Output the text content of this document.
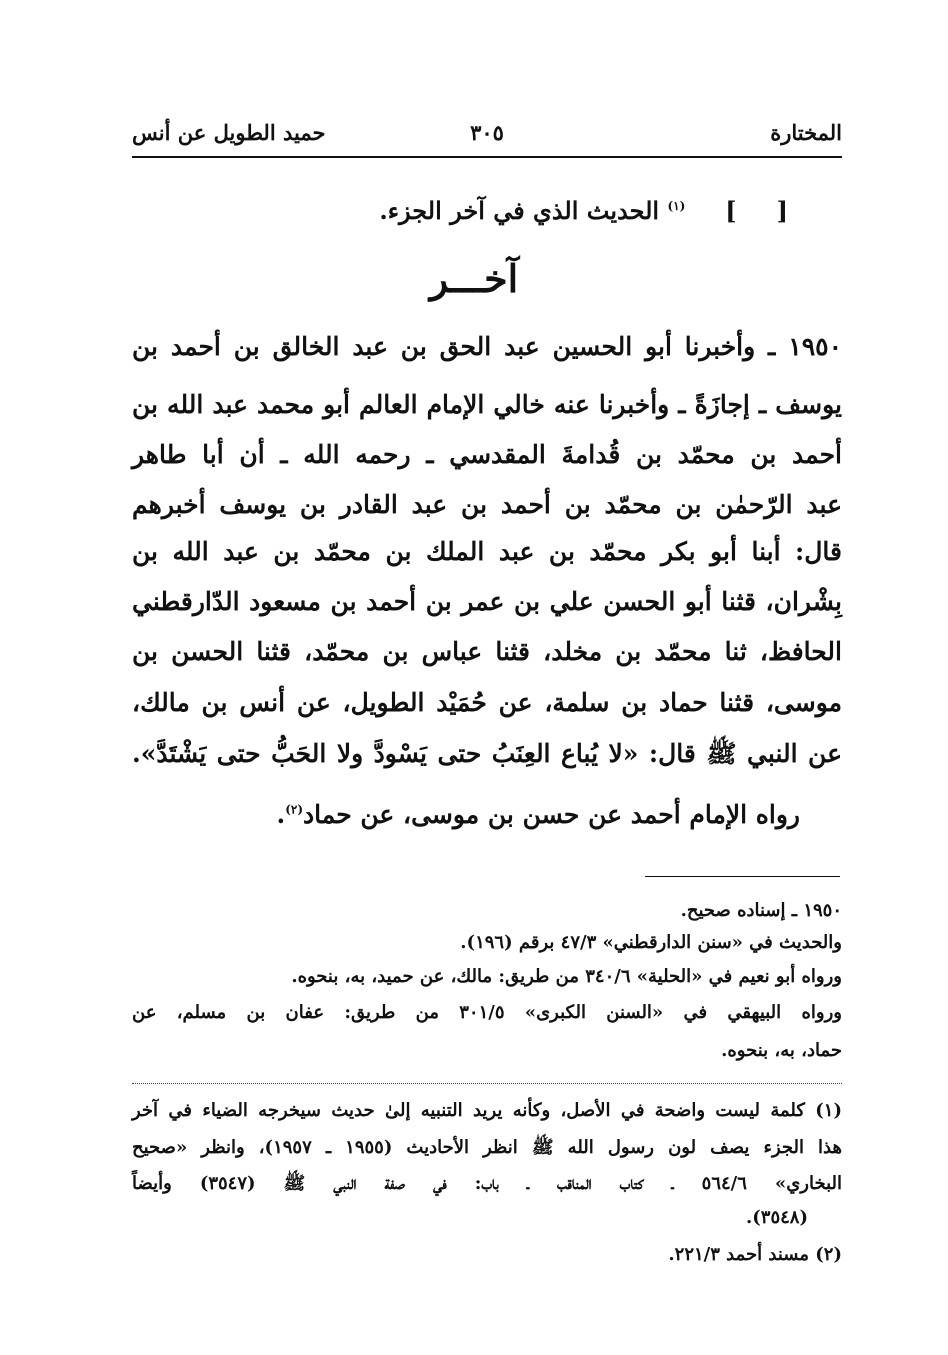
المختارة
٣٠٥
حميد الطويل عن أنس
[]$^{(١)}$ الحديث الذي في آخر الجزء.
آخـــر
١٩٥٠ ـ وأخبرنا أبو الحسين عبد الحق بن عبد الخالق بن أحمد بن
يوسف ـ إجازَةً ـ وأخبرنا عنه خالي الإمام العالم أبو محمد عبد الله بن
أحمد بن محمّد بن قُدامةَ المقدسي ـ رحمه الله ـ أن أبا طاهر
عبد الرّحمٰن بن محمّد بن أحمد بن عبد القادر بن يوسف أخبرهم
قال: أبنا أبو بكر محمّد بن عبد الملك بن محمّد بن عبد الله بن
بِشْران، قثنا أبو الحسن علي بن عمر بن أحمد بن مسعود الدّارقطني
الحافظ، ثنا محمّد بن مخلد، قثنا عباس بن محمّد، قثنا الحسن بن
موسى، قثنا حماد بن سلمة، عن حُمَيْد الطويل، عن أنس بن مالك،
عن النبي ﷺ قال: «لا يُباع العِنَبُ حتى يَسْودَّ ولا الحَبُّ حتى يَشْتَدَّ».
رواه الإمام أحمد عن حسن بن موسى، عن حماد$^{(٢)}$.
١٩٥٠ ـ إسناده صحيح.
والحديث في «سنن الدارقطني» ٤٧/٣ برقم (١٩٦).
ورواه أبو نعيم في «الحلية» ٣٤٠/٦ من طريق: مالك، عن حميد، به، بنحوه.
ورواه البيهقي في «السنن الكبرى» ٣٠١/٥ من طريق: عفان بن مسلم، عن
حماد، به، بنحوه.
(١) كلمة ليست واضحة في الأصل، وكأنه يريد التنبيه إلىٰ حديث سيخرجه الضياء في آخر
هذا الجزء يصف لون رسول الله ﷺ انظر الأحاديث (١٩٥٥ ـ ١٩٥٧)، وانظر «صحيح
البخاري» ٥٦٤/٦ ـ كتاب المناقب ـ باب: في صفة النبي ﷺ (٣٥٤٧) وأيضاً
(٣٥٤٨).
(٢) مسند أحمد ٢٢١/٣.
